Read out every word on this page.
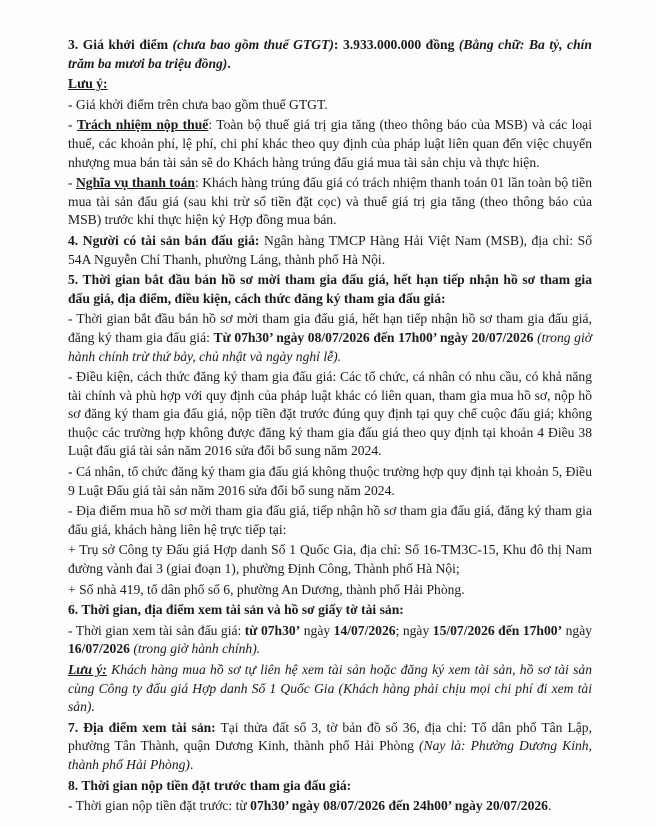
3. Giá khởi điểm (chưa bao gồm thuế GTGT): 3.933.000.000 đồng (Bằng chữ: Ba tỷ, chín trăm ba mươi ba triệu đồng).

Lưu ý:

- Giá khởi điểm trên chưa bao gồm thuế GTGT.

- Trách nhiệm nộp thuế: Toàn bộ thuế giá trị gia tăng (theo thông báo của MSB) và các loại thuế, các khoản phí, lệ phí, chi phí khác theo quy định của pháp luật liên quan đến việc chuyển nhượng mua bán tài sản sẽ do Khách hàng trúng đấu giá mua tài sản chịu và thực hiện.

- Nghĩa vụ thanh toán: Khách hàng trúng đấu giá có trách nhiệm thanh toán 01 lần toàn bộ tiền mua tài sản đấu giá (sau khi trừ số tiền đặt cọc) và thuế giá trị gia tăng (theo thông báo của MSB) trước khi thực hiện ký Hợp đồng mua bán.

4. Người có tài sản bán đấu giá: Ngân hàng TMCP Hàng Hải Việt Nam (MSB), địa chỉ: Số 54A Nguyễn Chí Thanh, phường Láng, thành phố Hà Nội.

5. Thời gian bắt đầu bán hồ sơ mời tham gia đấu giá, hết hạn tiếp nhận hồ sơ tham gia đấu giá, địa điểm, điều kiện, cách thức đăng ký tham gia đấu giá:

- Thời gian bắt đầu bán hồ sơ mời tham gia đấu giá, hết hạn tiếp nhận hồ sơ tham gia đấu giá, đăng ký tham gia đấu giá: Từ 07h30’ ngày 08/07/2026 đến 17h00’ ngày 20/07/2026 (trong giờ hành chính trừ thứ bảy, chủ nhật và ngày nghỉ lễ).

- Điều kiện, cách thức đăng ký tham gia đấu giá: Các tổ chức, cá nhân có nhu cầu, có khả năng tài chính và phù hợp với quy định của pháp luật khác có liên quan, tham gia mua hồ sơ, nộp hồ sơ đăng ký tham gia đấu giá, nộp tiền đặt trước đúng quy định tại quy chế cuộc đấu giá; không thuộc các trường hợp không được đăng ký tham gia đấu giá theo quy định tại khoản 4 Điều 38 Luật đấu giá tài sản năm 2016 sửa đổi bổ sung năm 2024.

- Cá nhân, tổ chức đăng ký tham gia đấu giá không thuộc trường hợp quy định tại khoản 5, Điều 9 Luật Đấu giá tài sản năm 2016 sửa đổi bổ sung năm 2024.

- Địa điểm mua hồ sơ mời tham gia đấu giá, tiếp nhận hồ sơ tham gia đấu giá, đăng ký tham gia đấu giá, khách hàng liên hệ trực tiếp tại:

+ Trụ sở Công ty Đấu giá Hợp danh Số 1 Quốc Gia, địa chỉ: Số 16-TM3C-15, Khu đô thị Nam đường vành đai 3 (giai đoạn 1), phường Định Công, Thành phố Hà Nội;

+ Số nhà 419, tổ dân phố số 6, phường An Dương, thành phố Hải Phòng.

6. Thời gian, địa điểm xem tài sản và hồ sơ giấy tờ tài sản:

- Thời gian xem tài sản đấu giá: từ 07h30’ ngày 14/07/2026; ngày 15/07/2026 đến 17h00’ ngày 16/07/2026 (trong giờ hành chính).

Lưu ý: Khách hàng mua hồ sơ tự liên hệ xem tài sản hoặc đăng ký xem tài sản, hồ sơ tài sản cùng Công ty đấu giá Hợp danh Số 1 Quốc Gia (Khách hàng phải chịu mọi chi phí đi xem tài sản).

7. Địa điểm xem tài sản: Tại thửa đất số 3, tờ bản đồ số 36, địa chỉ: Tổ dân phố Tân Lập, phường Tân Thành, quận Dương Kinh, thành phố Hải Phòng (Nay là: Phường Dương Kinh, thành phố Hải Phòng).

8. Thời gian nộp tiền đặt trước tham gia đấu giá:

- Thời gian nộp tiền đặt trước: từ 07h30’ ngày 08/07/2026 đến 24h00’ ngày 20/07/2026.
